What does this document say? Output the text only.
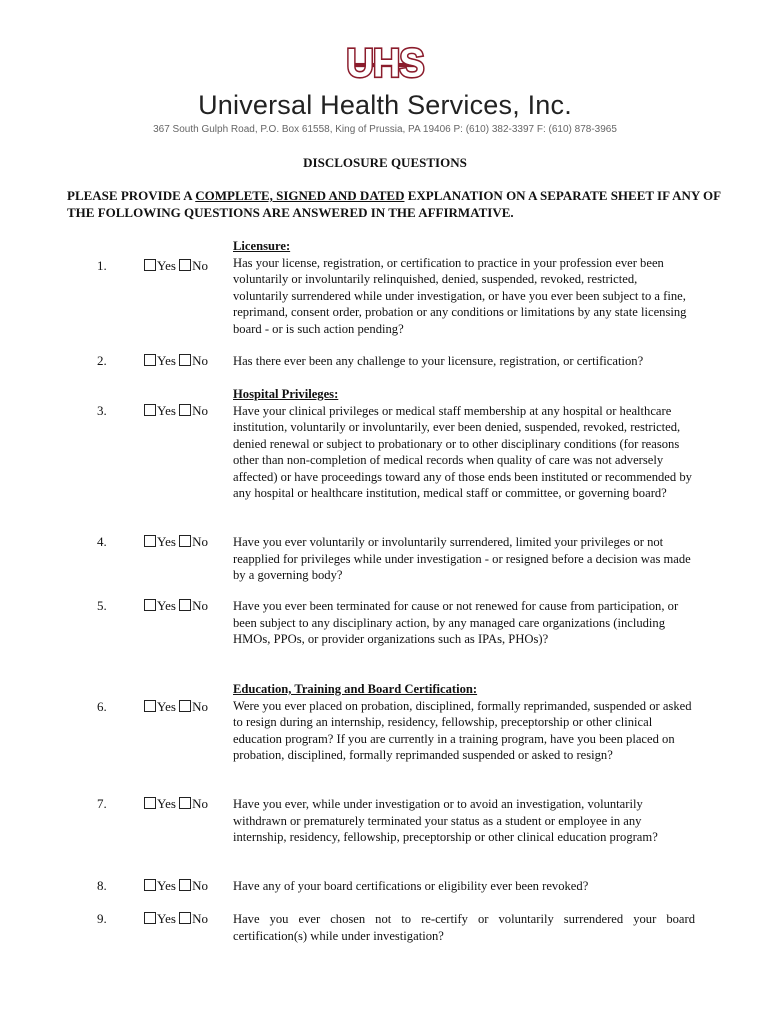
UHS
Universal Health Services, Inc.
367 South Gulph Road, P.O. Box 61558, King of Prussia, PA 19406 P: (610) 382-3397 F: (610) 878-3965
DISCLOSURE QUESTIONS
PLEASE PROVIDE A COMPLETE, SIGNED AND DATED EXPLANATION ON A SEPARATE SHEET IF ANY OF THE FOLLOWING QUESTIONS ARE ANSWERED IN THE AFFIRMATIVE.
1.	Yes No
Licensure:
Has your license, registration, or certification to practice in your profession ever been voluntarily or involuntarily relinquished, denied, suspended, revoked, restricted, voluntarily surrendered while under investigation, or have you ever been subject to a fine, reprimand, consent order, probation or any conditions or limitations by any state licensing board - or is such action pending?
2.	Yes No Has there ever been any challenge to your licensure, registration, or certification?
3.	Yes No
Hospital Privileges:
Have your clinical privileges or medical staff membership at any hospital or healthcare institution, voluntarily or involuntarily, ever been denied, suspended, revoked, restricted, denied renewal or subject to probationary or to other disciplinary conditions (for reasons other than non-completion of medical records when quality of care was not adversely affected) or have proceedings toward any of those ends been instituted or recommended by any hospital or healthcare institution, medical staff or committee, or governing board?
4.	Yes No Have you ever voluntarily or involuntarily surrendered, limited your privileges or not reapplied for privileges while under investigation - or resigned before a decision was made by a governing body?
5.	Yes No Have you ever been terminated for cause or not renewed for cause from participation, or been subject to any disciplinary action, by any managed care organizations (including HMOs, PPOs, or provider organizations such as IPAs, PHOs)?
6.	Yes No
Education, Training and Board Certification:
Were you ever placed on probation, disciplined, formally reprimanded, suspended or asked to resign during an internship, residency, fellowship, preceptorship or other clinical education program? If you are currently in a training program, have you been placed on probation, disciplined, formally reprimanded suspended or asked to resign?
7.	Yes No Have you ever, while under investigation or to avoid an investigation, voluntarily withdrawn or prematurely terminated your status as a student or employee in any internship, residency, fellowship, preceptorship or other clinical education program?
8.	Yes No Have any of your board certifications or eligibility ever been revoked?
9.	Yes No Have you ever chosen not to re-certify or voluntarily surrendered your board certification(s) while under investigation?
